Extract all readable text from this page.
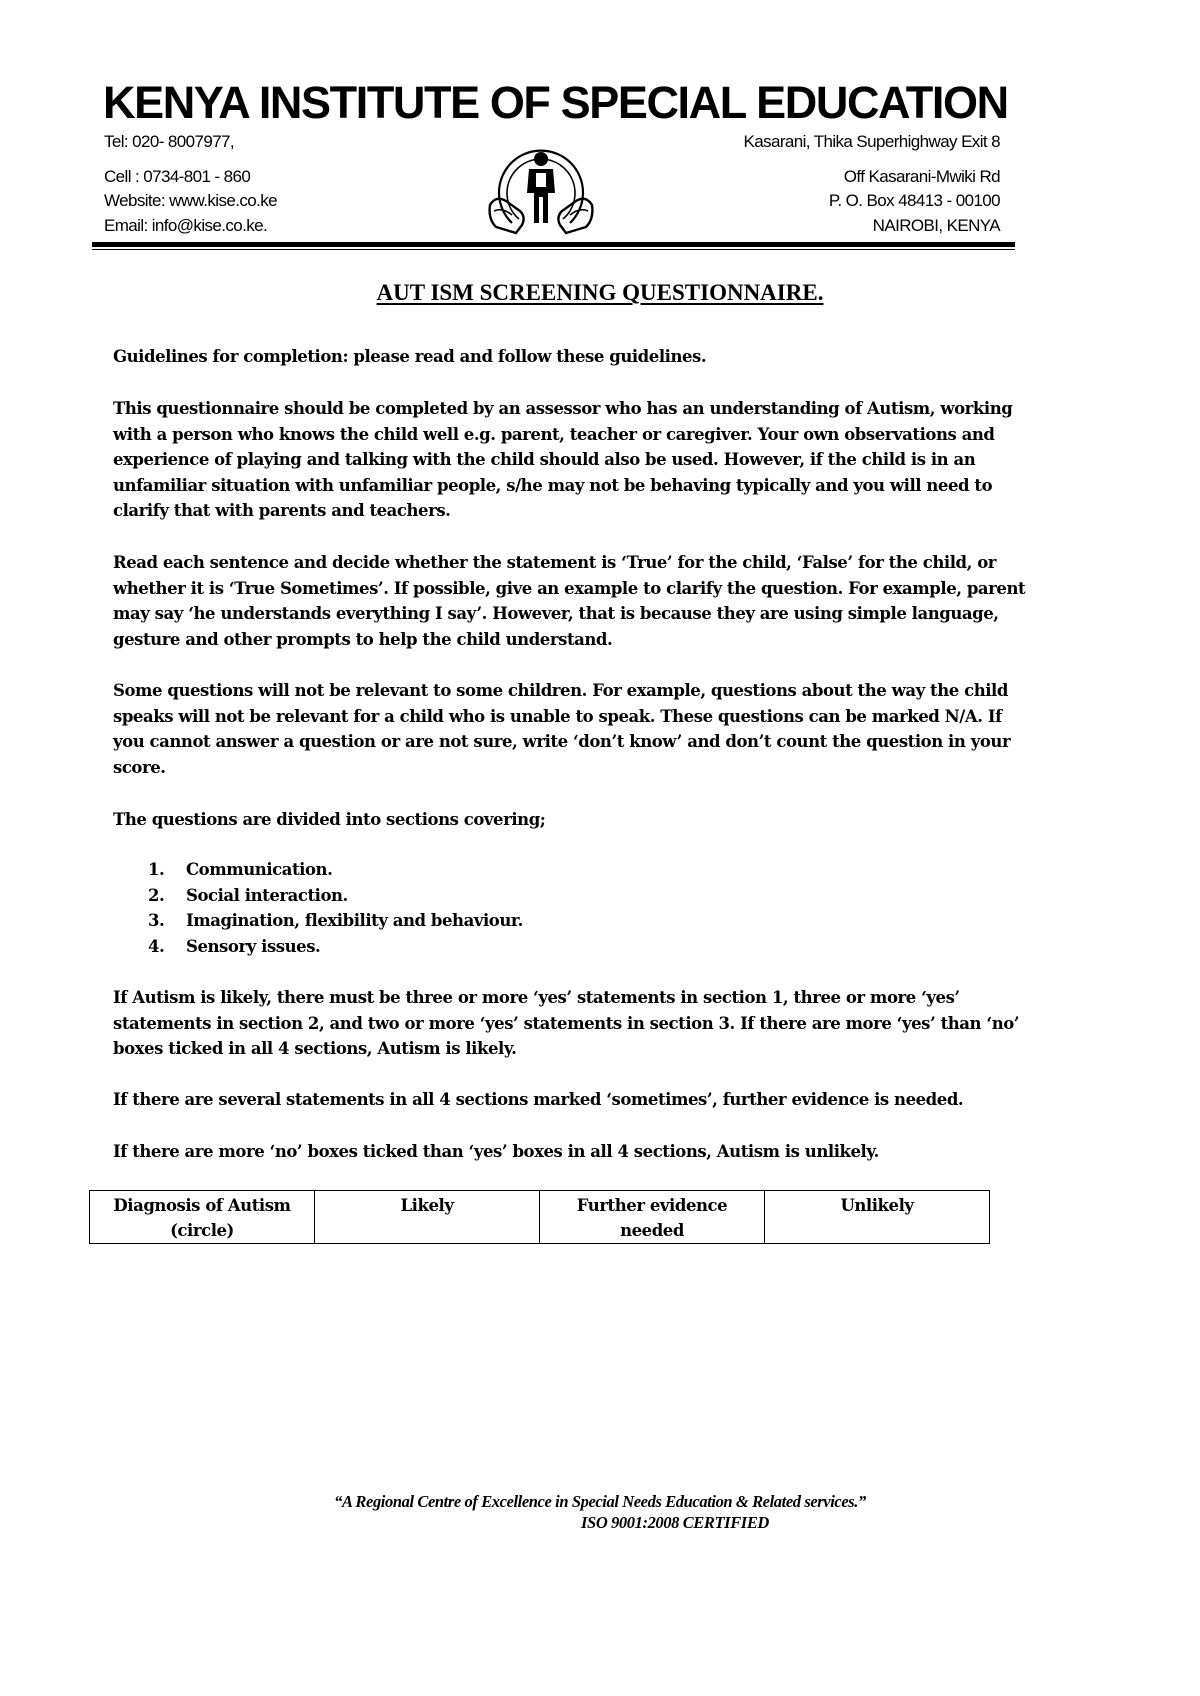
KENYA INSTITUTE OF SPECIAL EDUCATION
Tel: 020- 8007977,
Cell : 0734-801 - 860
Website: www.kise.co.ke
Email: info@kise.co.ke.
Kasarani, Thika Superhighway Exit 8
Off Kasarani-Mwiki Rd
P. O. Box 48413 - 00100
NAIROBI, KENYA
AUT ISM SCREENING QUESTIONNAIRE.

Guidelines for completion: please read and follow these guidelines.

This questionnaire should be completed by an assessor who has an understanding of Autism, working with a person who knows the child well e.g. parent, teacher or caregiver. Your own observations and experience of playing and talking with the child should also be used. However, if the child is in an unfamiliar situation with unfamiliar people, s/he may not be behaving typically and you will need to clarify that with parents and teachers.

Read each sentence and decide whether the statement is ‘True’ for the child, ‘False’ for the child, or whether it is ‘True Sometimes’. If possible, give an example to clarify the question. For example, parent may say ‘he understands everything I say’. However, that is because they are using simple language, gesture and other prompts to help the child understand.

Some questions will not be relevant to some children. For example, questions about the way the child speaks will not be relevant for a child who is unable to speak. These questions can be marked N/A. If you cannot answer a question or are not sure, write ‘don’t know’ and don’t count the question in your score.

The questions are divided into sections covering;

1.	Communication.
2.	Social interaction.
3.	Imagination, flexibility and behaviour.
4.	Sensory issues.

If Autism is likely, there must be three or more ‘yes’ statements in section 1, three or more ‘yes’ statements in section 2, and two or more ‘yes’ statements in section 3. If there are more ‘yes’ than ‘no’ boxes ticked in all 4 sections, Autism is likely.

If there are several statements in all 4 sections marked ‘sometimes’, further evidence is needed.

If there are more ‘no’ boxes ticked than ‘yes’ boxes in all 4 sections, Autism is unlikely.

Diagnosis of Autism (circle)	Likely	Further evidence needed	Unlikely
“A Regional Centre of Excellence in Special Needs Education & Related services.”
ISO 9001:2008 CERTIFIED
